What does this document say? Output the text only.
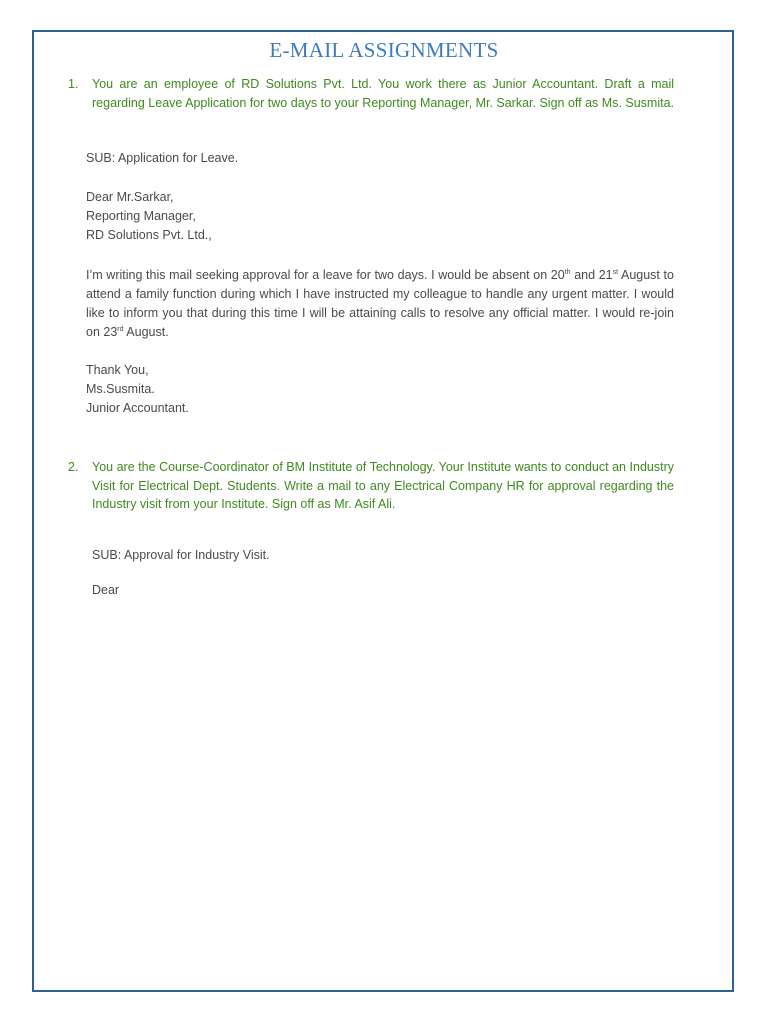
E-MAIL ASSIGNMENTS
1. You are an employee of RD Solutions Pvt. Ltd. You work there as Junior Accountant. Draft a mail regarding Leave Application for two days to your Reporting Manager, Mr. Sarkar. Sign off as Ms. Susmita.
SUB: Application for Leave.
Dear Mr.Sarkar,
Reporting Manager,
RD Solutions Pvt. Ltd.,
I’m writing this mail seeking approval for a leave for two days. I would be absent on 20th and 21st August to attend a family function during which I have instructed my colleague to handle any urgent matter. I would like to inform you that during this time I will be attaining calls to resolve any official matter. I would re-join on 23rd August.
Thank You,
Ms.Susmita.
Junior Accountant.
2. You are the Course-Coordinator of BM Institute of Technology. Your Institute wants to conduct an Industry Visit for Electrical Dept. Students. Write a mail to any Electrical Company HR for approval regarding the Industry visit from your Institute. Sign off as Mr. Asif Ali.
SUB: Approval for Industry Visit.
Dear
